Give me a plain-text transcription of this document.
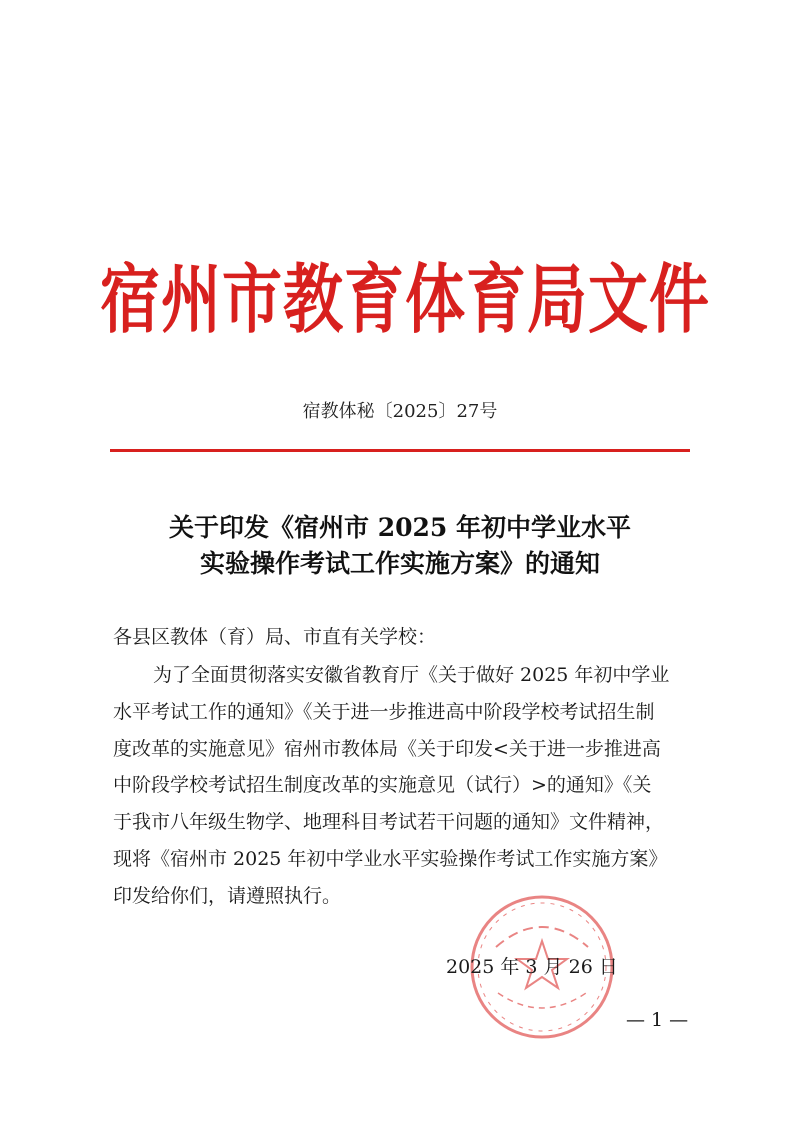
宿州市教育体育局文件
宿教体秘〔2025〕27号
关于印发《宿州市 2025 年初中学业水平
实验操作考试工作实施方案》的通知
各县区教体（育）局、市直有关学校：
为了全面贯彻落实安徽省教育厅《关于做好 2025 年初中学业
水平考试工作的通知》《关于进一步推进高中阶段学校考试招生制
度改革的实施意见》宿州市教体局《关于印发<关于进一步推进高
中阶段学校考试招生制度改革的实施意见（试行）>的通知》《关
于我市八年级生物学、地理科目考试若干问题的通知》文件精神，
现将《宿州市 2025 年初中学业水平实验操作考试工作实施方案》
印发给你们，请遵照执行。
2025 年 3 月 26 日
— 1 —
